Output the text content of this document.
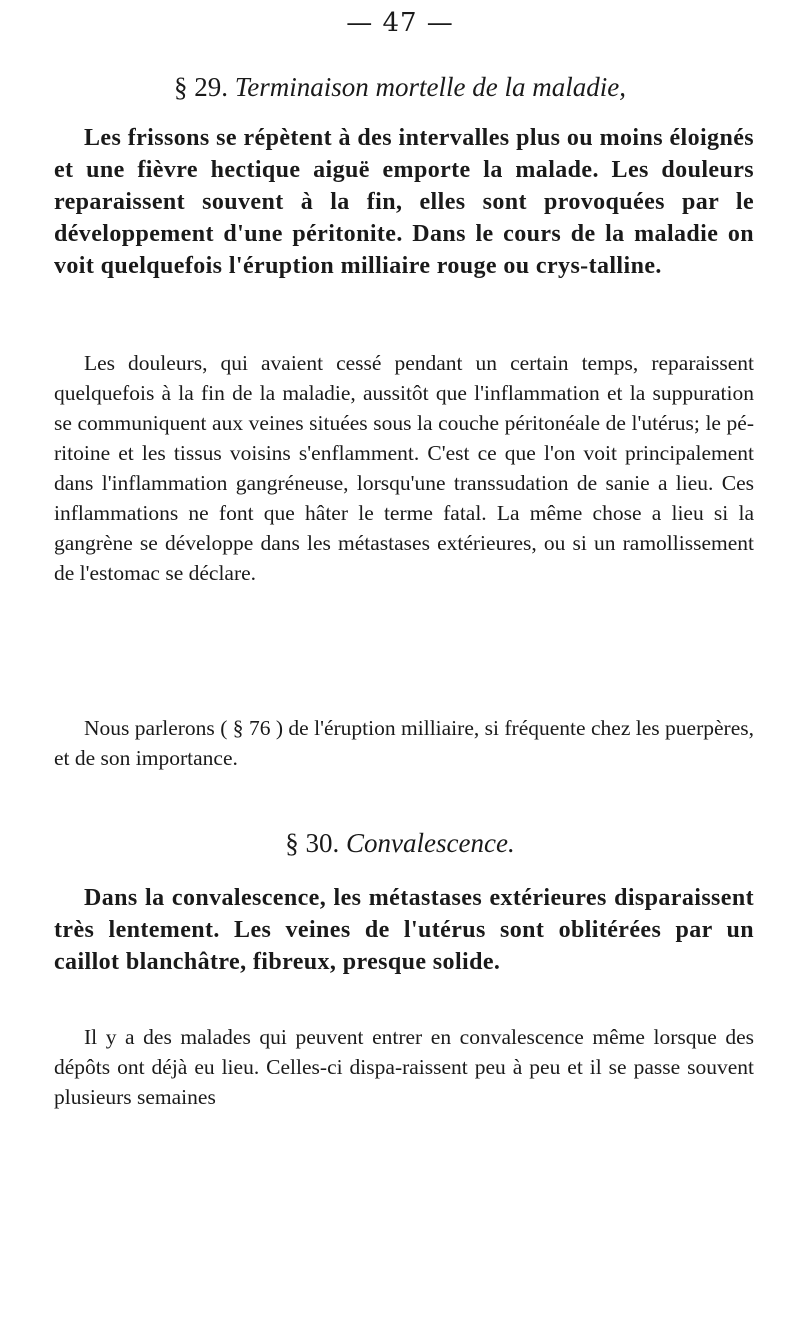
— 47 —
§ 29. Terminaison mortelle de la maladie,

Les frissons se répètent à des intervalles plus ou moins éloignés et une fièvre hectique aiguë emporte la malade. Les douleurs reparaissent souvent à la fin, elles sont provoquées par le développement d'une péritonite. Dans le cours de la maladie on voit quelquefois l'éruption milliaire rouge ou crys-talline.

Les douleurs, qui avaient cessé pendant un certain temps, reparaissent quelquefois à la fin de la maladie, aussitôt que l'inflammation et la suppuration se communiquent aux veines situées sous la couche péritonéale de l'utérus; le pé-ritoine et les tissus voisins s'enflamment. C'est ce que l'on voit principalement dans l'inflammation gangréneuse, lorsqu'une transsudation de sanie a lieu. Ces inflammations ne font que hâter le terme fatal. La même chose a lieu si la gangrène se développe dans les métastases extérieures, ou si un ramollissement de l'estomac se déclare.

Nous parlerons ( § 76 ) de l'éruption milliaire, si fréquente chez les puerpères, et de son importance.

§ 30. Convalescence.

Dans la convalescence, les métastases extérieures disparaissent très lentement. Les veines de l'utérus sont oblitérées par un caillot blanchâtre, fibreux, presque solide.

Il y a des malades qui peuvent entrer en convalescence même lorsque des dépôts ont déjà eu lieu. Celles-ci dispa-raissent peu à peu et il se passe souvent plusieurs semaines
